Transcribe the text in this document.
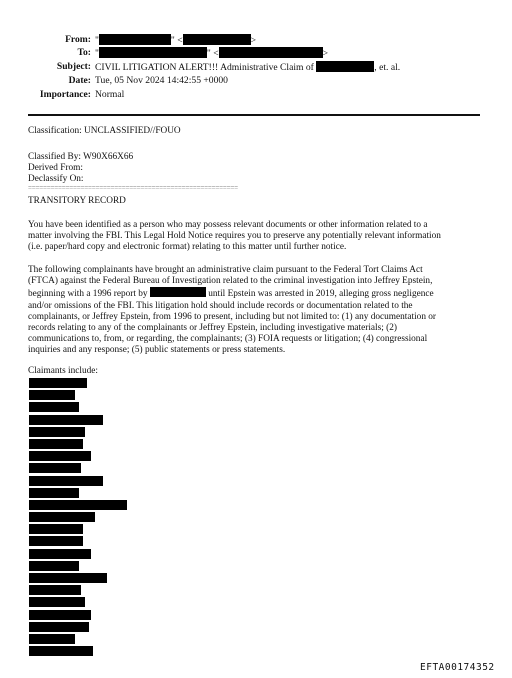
From: "	" <	>
To: "	" <	>
Subject: CIVIL LITIGATION ALERT!!! Administrative Claim of	, et. al.
Date: Tue, 05 Nov 2024 14:42:55 +0000
Importance: Normal
Classification: UNCLASSIFIED//FOUO
Classified By: W90X66X66
Derived From:
Declassify On:
========================================================
TRANSITORY RECORD
You have been identified as a person who may possess relevant documents or other information related to a
matter involving the FBI. This Legal Hold Notice requires you to preserve any potentially relevant information
(i.e. paper/hard copy and electronic format) relating to this matter until further notice.
The following complainants have brought an administrative claim pursuant to the Federal Tort Claims Act
(FTCA) against the Federal Bureau of Investigation related to the criminal investigation into Jeffrey Epstein,
beginning with a 1996 report by	until Epstein was arrested in 2019, alleging gross negligence
and/or omissions of the FBI. This litigation hold should include records or documentation related to the
complainants, or Jeffrey Epstein, from 1996 to present, including but not limited to: (1) any documentation or
records relating to any of the complainants or Jeffrey Epstein, including investigative materials; (2)
communications to, from, or regarding, the complainants; (3) FOIA requests or litigation; (4) congressional
inquiries and any response; (5) public statements or press statements.
Claimants include:
EFTA00174352
